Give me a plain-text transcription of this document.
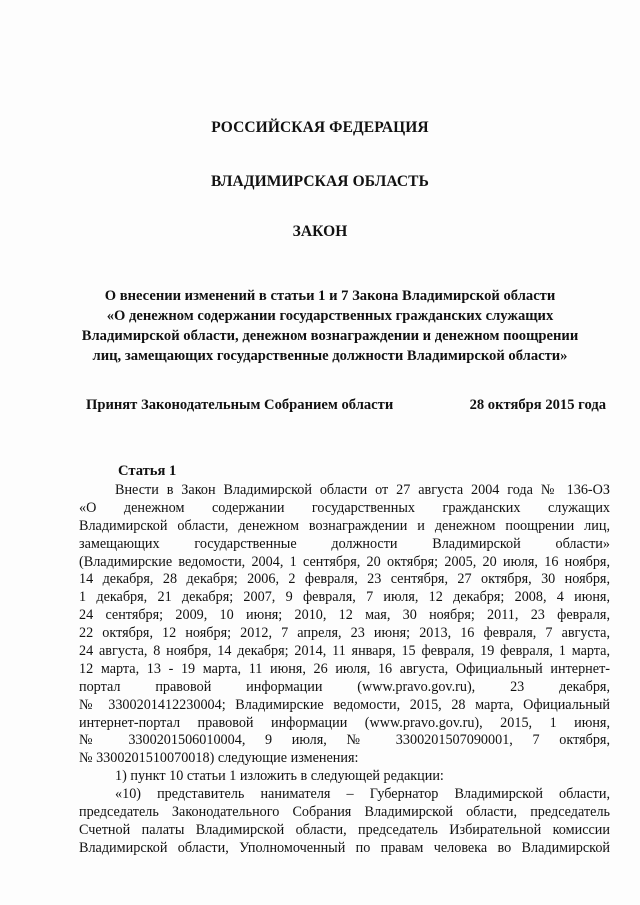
РОССИЙСКАЯ ФЕДЕРАЦИЯ
ВЛАДИМИРСКАЯ ОБЛАСТЬ
ЗАКОН
О внесении изменений в статьи 1 и 7 Закона Владимирской области
«О денежном содержании государственных гражданских служащих
Владимирской области, денежном вознаграждении и денежном поощрении
лиц, замещающих государственные должности Владимирской области»
Принят Законодательным Собранием области	28 октября 2015 года
Статья 1
Внести в Закон Владимирской области от 27 августа 2004 года № 136-ОЗ
«О денежном содержании государственных гражданских служащих
Владимирской области, денежном вознаграждении и денежном поощрении лиц,
замещающих государственные должности Владимирской области»
(Владимирские ведомости, 2004, 1 сентября, 20 октября; 2005, 20 июля, 16 ноября,
14 декабря, 28 декабря; 2006, 2 февраля, 23 сентября, 27 октября, 30 ноября,
1 декабря, 21 декабря; 2007, 9 февраля, 7 июля, 12 декабря; 2008, 4 июня,
24 сентября; 2009, 10 июня; 2010, 12 мая, 30 ноября; 2011, 23 февраля,
22 октября, 12 ноября; 2012, 7 апреля, 23 июня; 2013, 16 февраля, 7 августа,
24 августа, 8 ноября, 14 декабря; 2014, 11 января, 15 февраля, 19 февраля, 1 марта,
12 марта, 13 - 19 марта, 11 июня, 26 июля, 16 августа, Официальный интернет-
портал правовой информации (www.pravo.gov.ru), 23 декабря,
№ 3300201412230004; Владимирские ведомости, 2015, 28 марта, Официальный
интернет-портал правовой информации (www.pravo.gov.ru), 2015, 1 июня,
№ 3300201506010004, 9 июля, № 3300201507090001, 7 октября,
№ 3300201510070018) следующие изменения:
1) пункт 10 статьи 1 изложить в следующей редакции:
«10) представитель нанимателя – Губернатор Владимирской области,
председатель Законодательного Собрания Владимирской области, председатель
Счетной палаты Владимирской области, председатель Избирательной комиссии
Владимирской области, Уполномоченный по правам человека во Владимирской
